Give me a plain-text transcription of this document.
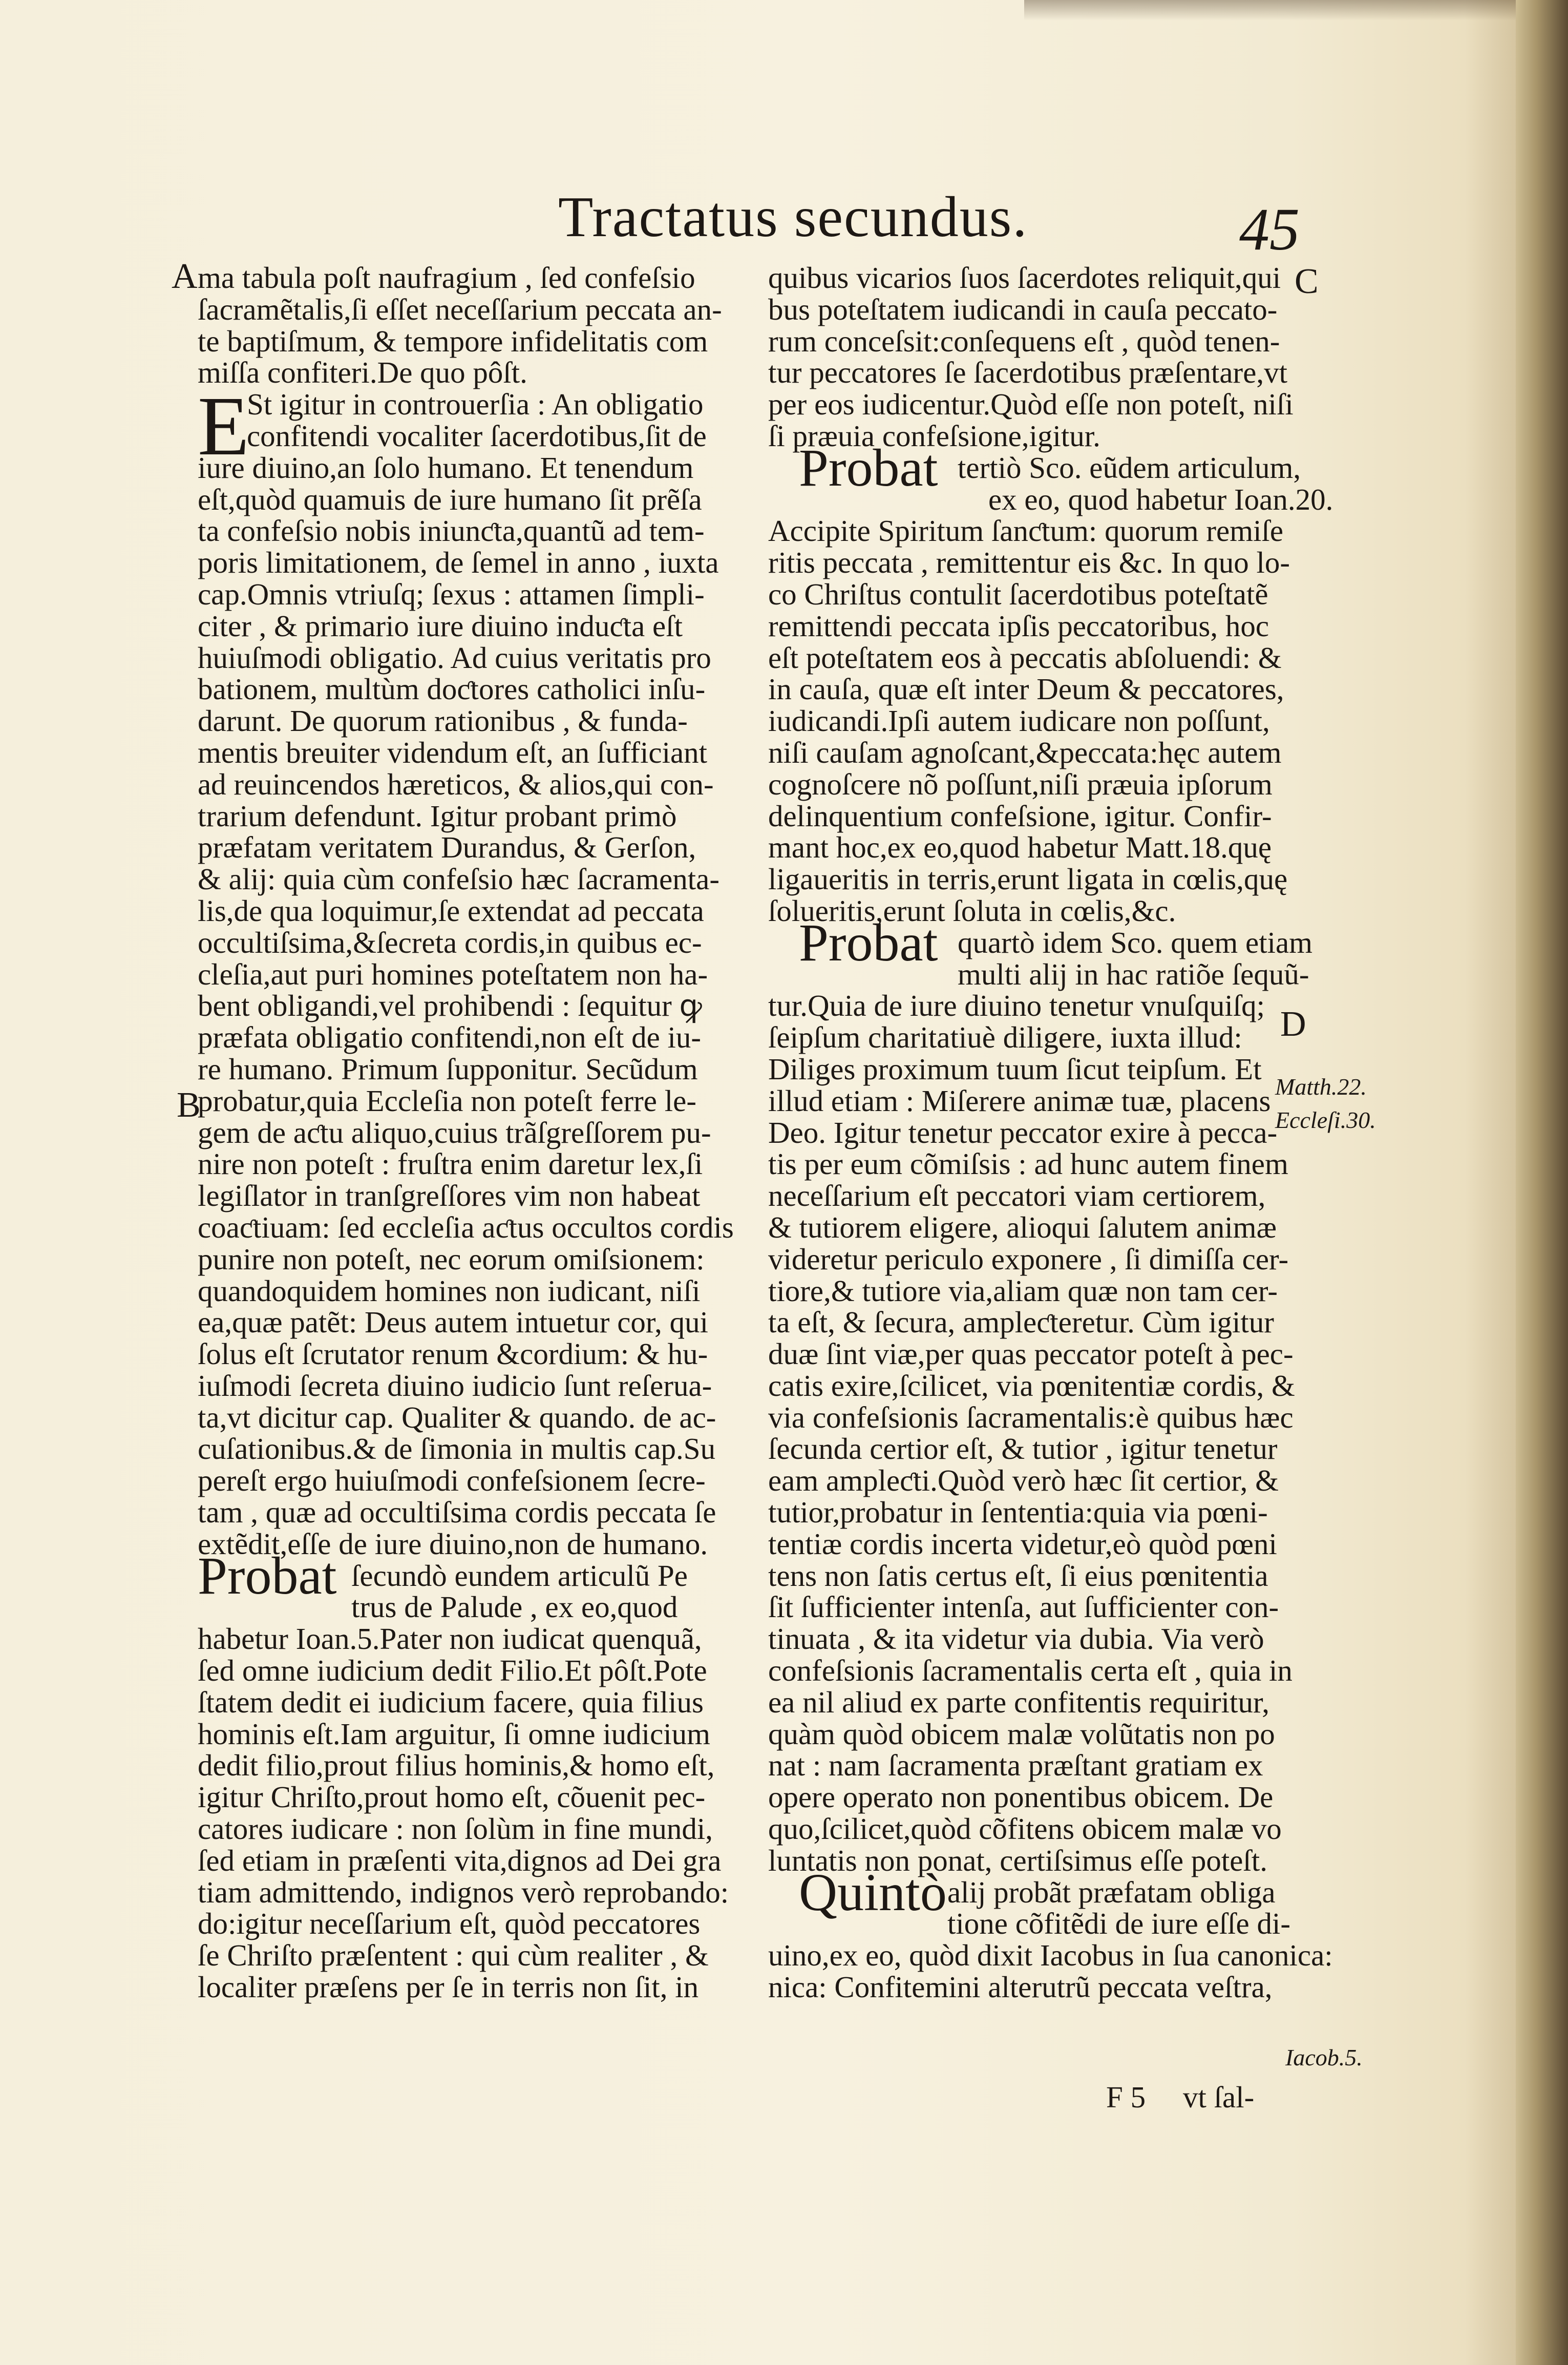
Tractatus secundus.	45
A
B
C
D
ma tabula poſt naufragium , ſed confeſsio
ſacramẽtalis,ſi eſſet neceſſarium peccata an-
te baptiſmum, & tempore infidelitatis com
miſſa confiteri.De quo pôſt.
E
St igitur in controuerſia : An obligatio
confitendi vocaliter ſacerdotibus,ſit de
iure diuino,an ſolo humano. Et tenendum
eſt,quòd quamuis de iure humano ſit prẽſa
ta confeſsio nobis iniunƈta,quantũ ad tem-
poris limitationem, de ſemel in anno , iuxta
cap.Omnis vtriuſq; ſexus : attamen ſimpli-
citer , & primario iure diuino induƈta eſt
huiuſmodi obligatio. Ad cuius veritatis pro
bationem, multùm doƈtores catholici inſu-
darunt. De quorum rationibus , & funda-
mentis breuiter videndum eſt, an ſufficiant
ad reuincendos hæreticos, & alios,qui con-
trarium defendunt. Igitur probant primò
præfatam veritatem Durandus, & Gerſon,
& alij: quia cùm confeſsio hæc ſacramenta-
lis,de qua loquimur,ſe extendat ad peccata
occultiſsima,&ſecreta cordis,in quibus ec-
cleſia,aut puri homines poteſtatem non ha-
bent obligandi,vel prohibendi : ſequitur ꝙ
præfata obligatio confitendi,non eſt de iu-
re humano. Primum ſupponitur. Secũdum
probatur,quia Eccleſia non poteſt ferre le-
gem de aƈtu aliquo,cuius trãſgreſſorem pu-
nire non poteſt : fruſtra enim daretur lex,ſi
legiſlator in tranſgreſſores vim non habeat
coaƈtiuam: ſed eccleſia aƈtus occultos cordis
punire non poteſt, nec eorum omiſsionem:
quandoquidem homines non iudicant, niſi
ea,quæ patẽt: Deus autem intuetur cor, qui
ſolus eſt ſcrutator renum &cordium: & hu-
iuſmodi ſecreta diuino iudicio ſunt reſerua-
ta,vt dicitur cap. Qualiter & quando. de ac-
cuſationibus.& de ſimonia in multis cap.Su
pereſt ergo huiuſmodi confeſsionem ſecre-
tam , quæ ad occultiſsima cordis peccata ſe
extẽdit,eſſe de iure diuino,non de humano.
Probat ſecundò eundem articulũ Pe
trus de Palude , ex eo,quod
habetur Ioan.5.Pater non iudicat quenquã,
ſed omne iudicium dedit Filio.Et pôſt.Pote
ſtatem dedit ei iudicium facere, quia filius
hominis eſt.Iam arguitur, ſi omne iudicium
dedit filio,prout filius hominis,& homo eſt,
igitur Chriſto,prout homo eſt, cõuenit pec-
catores iudicare : non ſolùm in fine mundi,
ſed etiam in præſenti vita,dignos ad Dei gra
tiam admittendo, indignos verò reprobando:
do:igitur neceſſarium eſt, quòd peccatores
ſe Chriſto præſentent : qui cùm realiter , &
localiter præſens per ſe in terris non ſit, in
quibus vicarios ſuos ſacerdotes reliquit,qui
bus poteſtatem iudicandi in cauſa peccato-
rum conceſsit:conſequens eſt , quòd tenen-
tur peccatores ſe ſacerdotibus præſentare,vt
per eos iudicentur.Quòd eſſe non poteſt, niſi
ſi præuia confeſsione,igitur.
Probat tertiò Sco. eũdem articulum,
ex eo, quod habetur Ioan.20.
Accipite Spiritum ſanƈtum: quorum remiſe
ritis peccata , remittentur eis &c. In quo lo-
co Chriſtus contulit ſacerdotibus poteſtatẽ
remittendi peccata ipſis peccatoribus, hoc
eſt poteſtatem eos à peccatis abſoluendi: &
in cauſa, quæ eſt inter Deum & peccatores,
iudicandi.Ipſi autem iudicare non poſſunt,
niſi cauſam agnoſcant,&peccata:hęc autem
cognoſcere nõ poſſunt,niſi præuia ipſorum
delinquentium confeſsione, igitur. Confir-
mant hoc,ex eo,quod habetur Matt.18.quę
ligaueritis in terris,erunt ligata in cœlis,quę
ſolueritis,erunt ſoluta in cœlis,&c.
Probat quartò idem Sco. quem etiam
multi alij in hac ratiõe ſequũ-
tur.Quia de iure diuino tenetur vnuſquiſq;
ſeipſum charitatiuè diligere, iuxta illud:
Diliges proximum tuum ſicut teipſum. Et
illud etiam : Miſerere animæ tuæ, placens
Deo. Igitur tenetur peccator exire à pecca-
tis per eum cõmiſsis : ad hunc autem finem
neceſſarium eſt peccatori viam certiorem,
& tutiorem eligere, alioqui ſalutem animæ
videretur periculo exponere , ſi dimiſſa cer-
tiore,& tutiore via,aliam quæ non tam cer-
ta eſt, & ſecura, ampleƈteretur. Cùm igitur
duæ ſint viæ,per quas peccator poteſt à pec-
catis exire,ſcilicet, via pœnitentiæ cordis, &
via confeſsionis ſacramentalis:è quibus hæc
ſecunda certior eſt, & tutior , igitur tenetur
eam ampleƈti.Quòd verò hæc ſit certior, &
tutior,probatur in ſententia:quia via pœni-
tentiæ cordis incerta videtur,eò quòd pœni
tens non ſatis certus eſt, ſi eius pœnitentia
ſit ſufficienter intenſa, aut ſufficienter con-
tinuata , & ita videtur via dubia. Via verò
confeſsionis ſacramentalis certa eſt , quia in
ea nil aliud ex parte confitentis requiritur,
quàm quòd obicem malæ volũtatis non po
nat : nam ſacramenta præſtant gratiam ex
opere operato non ponentibus obicem. De
quo,ſcilicet,quòd cõfitens obicem malæ vo
luntatis non ponat, certiſsimus eſſe poteſt.
Quintòalij probãt præfatam obliga
tione cõfitẽdi de iure eſſe di-
uino,ex eo, quòd dixit Iacobus in ſua canonica:
nica: Confitemini alterutrũ peccata veſtra,
Matth.22.
Eccleſi.30.
Iacob.5.
F 5 vt ſal-
